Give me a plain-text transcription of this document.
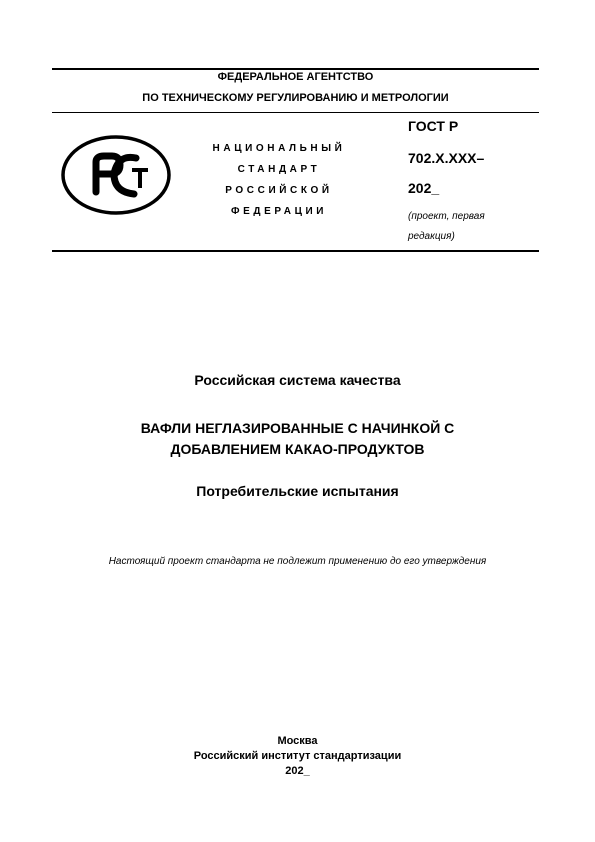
ФЕДЕРАЛЬНОЕ АГЕНТСТВО
ПО ТЕХНИЧЕСКОМУ РЕГУЛИРОВАНИЮ И МЕТРОЛОГИИ
НАЦИОНАЛЬНЫЙ
СТАНДАРТ
РОССИЙСКОЙ
ФЕДЕРАЦИИ
ГОСТ Р
702.X.XXX–
202_
(проект, первая
редакция)
Российская система качества
ВАФЛИ НЕГЛАЗИРОВАННЫЕ С НАЧИНКОЙ С
ДОБАВЛЕНИЕМ КАКАО-ПРОДУКТОВ
Потребительские испытания
Настоящий проект стандарта не подлежит применению до его утверждения
Москва
Российский институт стандартизации
202_
